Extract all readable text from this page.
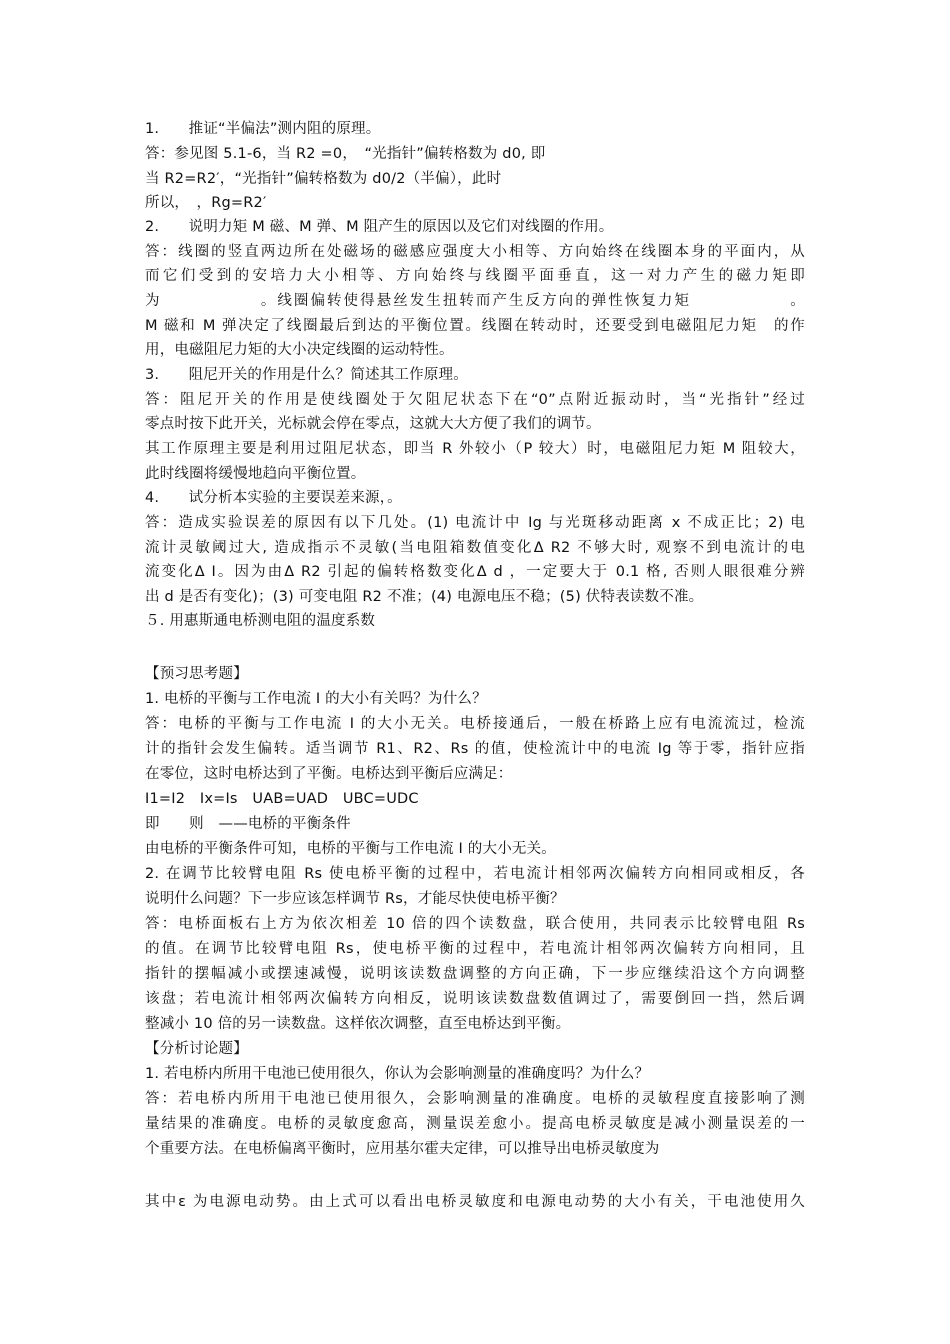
1.　　推证“半偏法”测内阻的原理。
答：参见图 5.1-6，当 R2 =0，　“光指针”偏转格数为 d0, 即
当 R2=R2′，“光指针”偏转格数为 d0/2（半偏），此时
所以，　，Rg=R2′
2.　　说明力矩 M 磁、M 弹、M 阻产生的原因以及它们对线圈的作用。
答：线圈的竖直两边所在处磁场的磁感应强度大小相等、方向始终在线圈本身的平面内，从
而它们受到的安培力大小相等、方向始终与线圈平面垂直，这一对力产生的磁力矩即
为　　　　　　。线圈偏转使得悬丝发生扭转而产生反方向的弹性恢复力矩　　　　　　。
M 磁和 M 弹决定了线圈最后到达的平衡位置。线圈在转动时，还要受到电磁阻尼力矩　的作
用，电磁阻尼力矩的大小决定线圈的运动特性。
3.　　阻尼开关的作用是什么？简述其工作原理。
答：阻尼开关的作用是使线圈处于欠阻尼状态下在“0”点附近振动时，当“光指针”经过
零点时按下此开关，光标就会停在零点，这就大大方便了我们的调节。
其工作原理主要是利用过阻尼状态，即当 R 外较小（P 较大）时，电磁阻尼力矩 M 阻较大，
此时线圈将缓慢地趋向平衡位置。
4.　　试分析本实验的主要误差来源，。
答：造成实验误差的原因有以下几处。(1) 电流计中 Ig 与光斑移动距离 x 不成正比；2) 电
流计灵敏阈过大, 造成指示不灵敏(当电阻箱数值变化Δ R2 不够大时, 观察不到电流计的电
流变化Δ I。因为由Δ R2 引起的偏转格数变化Δ d ，一定要大于 0.1 格, 否则人眼很难分辨
出 d 是否有变化)；(3) 可变电阻 R2 不准；(4) 电源电压不稳；(5) 伏特表读数不准。
５. 用惠斯通电桥测电阻的温度系数
【预习思考题】
1. 电桥的平衡与工作电流 I 的大小有关吗？为什么？
答：电桥的平衡与工作电流 I 的大小无关。电桥接通后，一般在桥路上应有电流流过，检流
计的指针会发生偏转。适当调节 R1、R2、Rs 的值，使检流计中的电流 Ig 等于零，指针应指
在零位，这时电桥达到了平衡。电桥达到平衡后应满足：
I1=I2　Ix=Is　UAB=UAD　UBC=UDC
即　　则　——电桥的平衡条件
由电桥的平衡条件可知，电桥的平衡与工作电流 I 的大小无关。
2. 在调节比较臂电阻 Rs 使电桥平衡的过程中，若电流计相邻两次偏转方向相同或相反，各
说明什么问题？下一步应该怎样调节 Rs，才能尽快使电桥平衡？
答：电桥面板右上方为依次相差 10 倍的四个读数盘，联合使用，共同表示比较臂电阻 Rs
的值。在调节比较臂电阻 Rs，使电桥平衡的过程中，若电流计相邻两次偏转方向相同，且
指针的摆幅减小或摆速减慢，说明该读数盘调整的方向正确，下一步应继续沿这个方向调整
该盘；若电流计相邻两次偏转方向相反，说明该读数盘数值调过了，需要倒回一挡，然后调
整减小 10 倍的另一读数盘。这样依次调整，直至电桥达到平衡。
【分析讨论题】
1. 若电桥内所用干电池已使用很久，你认为会影响测量的准确度吗？为什么？
答：若电桥内所用干电池已使用很久，会影响测量的准确度。电桥的灵敏程度直接影响了测
量结果的准确度。电桥的灵敏度愈高，测量误差愈小。提高电桥灵敏度是减小测量误差的一
个重要方法。在电桥偏离平衡时，应用基尔霍夫定律，可以推导出电桥灵敏度为
其中ε 为电源电动势。由上式可以看出电桥灵敏度和电源电动势的大小有关，干电池使用久
